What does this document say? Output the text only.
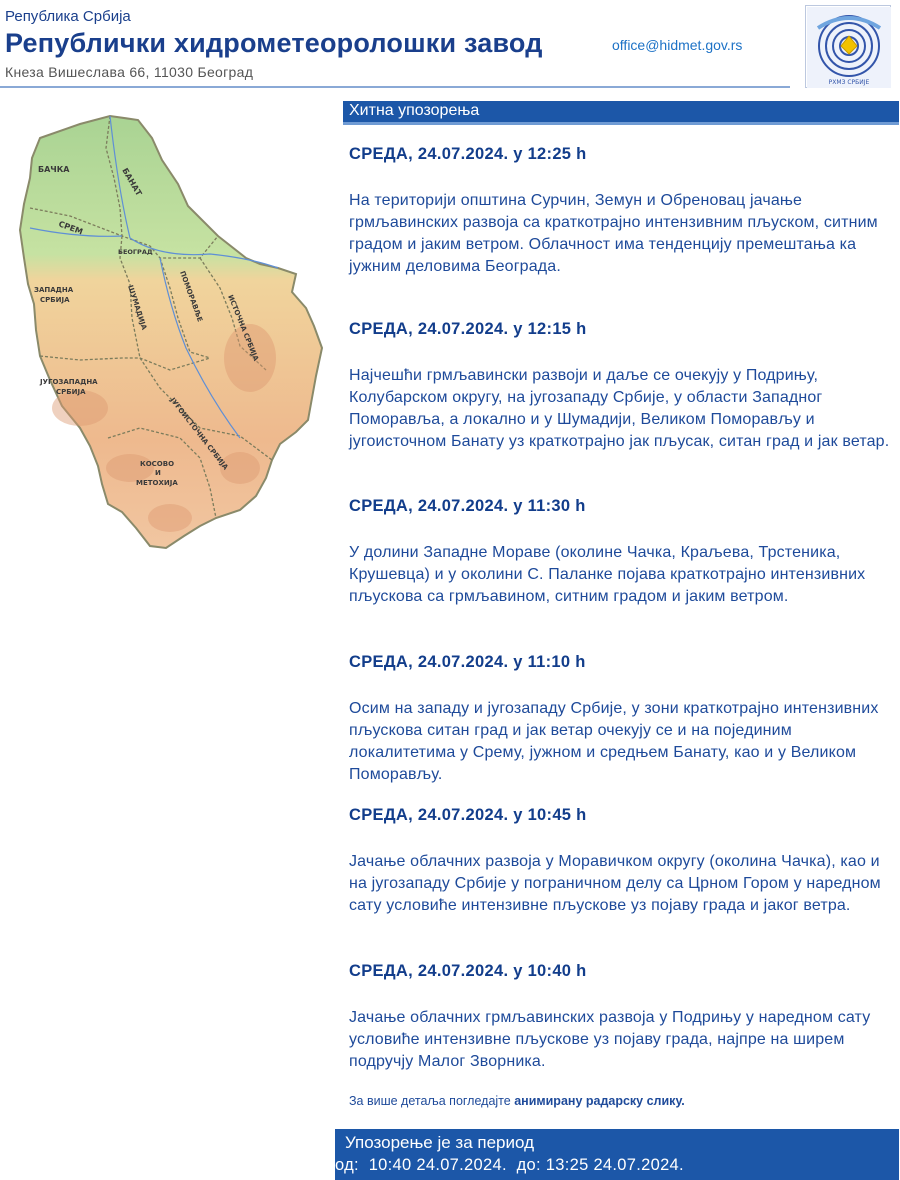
Република Србија
Републички хидрометеоролошки завод
Кнеза Вишеслава 66, 11030 Београд
office@hidmet.gov.rs
РХМЗ СРБИЈЕ
БАЧКА	БАНАТ
СРЕМ
БЕОГРАД
ЗАПАДНА
СРБИЈА	ШУМАДИЈА	ПОМОРАВЉЕ	ИСТОЧНА СРБИЈА
ЈУГОЗАПАДНА
СРБИЈА
ЈУГОИСТОЧНА СРБИЈА
КОСОВО
И
МЕТОХИЈА
Хитна упозорења

СРЕДА, 24.07.2024. у 12:25 h

На територији општина Сурчин, Земун и Обреновац јачање грмљавинских развоја са краткотрајно интензивним пљуском, ситним градом и јаким ветром. Облачност има тенденцију премештања ка јужним деловима Београда.

СРЕДА, 24.07.2024. у 12:15 h

Најчешћи грмљавински развоји и даље се очекују у Подрињу, Колубарском округу, на југозападу Србије, у области Западног Поморавља, а локално и у Шумадији, Великом Поморављу и југоисточном Банату уз краткотрајно јак пљусак, ситан град и јак ветар.

СРЕДА, 24.07.2024. у 11:30 h

У долини Западне Мораве (околине Чачка, Краљева, Трстеника, Крушевца) и у околини С. Паланке појава краткотрајно интензивних пљускова са грмљавином, ситним градом и јаким ветром.

СРЕДА, 24.07.2024. у 11:10 h

Осим на западу и југозападу Србије, у зони краткотрајно интензивних пљускова ситан град и јак ветар очекују се и на појединим локалитетима у Срему, јужном и средњем Банату, као и у Великом Поморављу.

СРЕДА, 24.07.2024. у 10:45 h

Јачање облачних развоја у Моравичком округу (околина Чачка), као и на југозападу Србије у пограничном делу са Црном Гором у наредном сату условиће интензивне пљускове уз појаву града и јаког ветра.

СРЕДА, 24.07.2024. у 10:40 h

Јачање облачних грмљавинских развоја у Подрињу у наредном сату условиће интензивне пљускове уз појаву града, најпре на ширем подручју Малог Зворника.

За више детаља погледајте анимирану радарску слику.
Упозорење је за период
од:  10:40 24.07.2024.  до: 13:25 24.07.2024.
